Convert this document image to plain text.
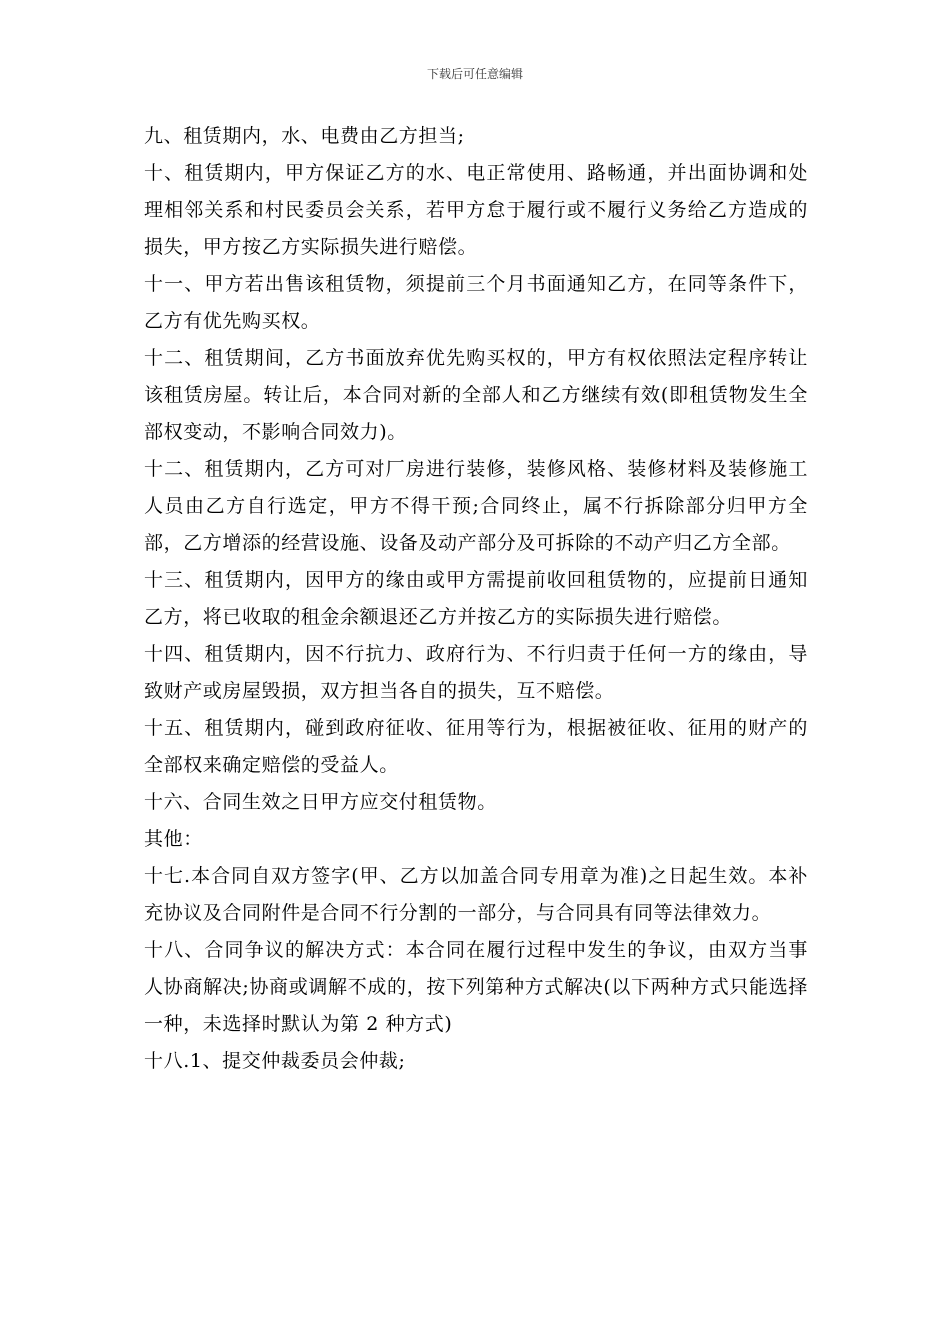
下载后可任意编辑

九、租赁期内，水、电费由乙方担当;

十、租赁期内，甲方保证乙方的水、电正常使用、路畅通，并出面协调和处理相邻关系和村民委员会关系，若甲方怠于履行或不履行义务给乙方造成的损失，甲方按乙方实际损失进行赔偿。

十一、甲方若出售该租赁物，须提前三个月书面通知乙方，在同等条件下，乙方有优先购买权。

十二、租赁期间，乙方书面放弃优先购买权的，甲方有权依照法定程序转让该租赁房屋。转让后，本合同对新的全部人和乙方继续有效(即租赁物发生全部权变动，不影响合同效力)。

十二、租赁期内，乙方可对厂房进行装修，装修风格、装修材料及装修施工人员由乙方自行选定，甲方不得干预;合同终止，属不行拆除部分归甲方全部，乙方增添的经营设施、设备及动产部分及可拆除的不动产归乙方全部。

十三、租赁期内，因甲方的缘由或甲方需提前收回租赁物的，应提前日通知乙方，将已收取的租金余额退还乙方并按乙方的实际损失进行赔偿。

十四、租赁期内，因不行抗力、政府行为、不行归责于任何一方的缘由，导致财产或房屋毁损，双方担当各自的损失，互不赔偿。

十五、租赁期内，碰到政府征收、征用等行为，根据被征收、征用的财产的全部权来确定赔偿的受益人。

十六、合同生效之日甲方应交付租赁物。

其他：

十七.本合同自双方签字(甲、乙方以加盖合同专用章为准)之日起生效。本补充协议及合同附件是合同不行分割的一部分，与合同具有同等法律效力。

十八、合同争议的解决方式：本合同在履行过程中发生的争议，由双方当事人协商解决;协商或调解不成的，按下列第种方式解决(以下两种方式只能选择一种，未选择时默认为第 2 种方式)

十八.1、提交仲裁委员会仲裁;
